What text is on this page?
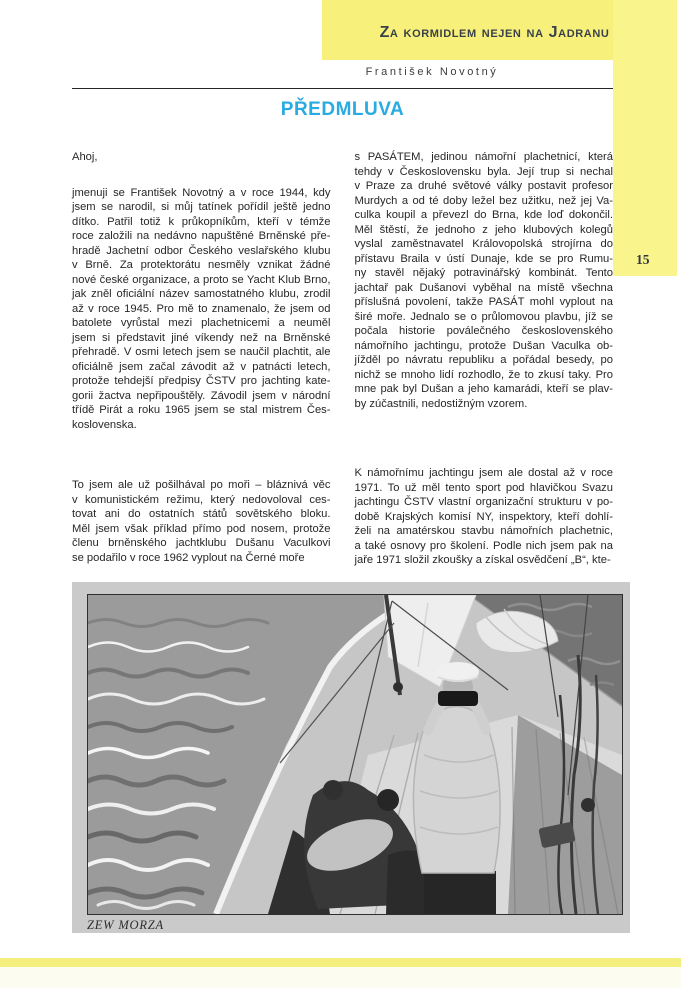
Za kormidlem nejen na Jadranu
František Novotný
PŘEDMLUVA
15
Ahoj,
jmenuji se František Novotný a v roce 1944, kdy
jsem se narodil, si můj tatínek pořídil ještě jedno
dítko. Patřil totiž k průkopníkům, kteří v témže
roce založili na nedávno napuštěné Brněnské pře-
hradě Jachetní odbor Českého veslařského klubu
v Brně. Za protektorátu nesměly vznikat žádné
nové české organizace, a proto se Yacht Klub Brno,
jak zněl oficiální název samostatného klubu, zrodil
až v roce 1945. Pro mě to znamenalo, že jsem od
batolete vyrůstal mezi plachetnicemi a neuměl
jsem si představit jiné víkendy než na Brněnské
přehradě. V osmi letech jsem se naučil plachtit, ale
oficiálně jsem začal závodit až v patnácti letech,
protože tehdejší předpisy ČSTV pro jachting kate-
gorii žactva nepřipouštěly. Závodil jsem v národní
třídě Pirát a roku 1965 jsem se stal mistrem Čes-
koslovenska.
To jsem ale už pošilhával po moři – bláznivá věc
v komunistickém režimu, který nedovoloval ces-
tovat ani do ostatních států sovětského bloku.
Měl jsem však příklad přímo pod nosem, protože
členu brněnského jachtklubu Dušanu Vaculkovi
se podařilo v roce 1962 vyplout na Černé moře
s PASÁTEM, jedinou námořní plachetnicí, která
tehdy v Československu byla. Její trup si nechal
v Praze za druhé světové války postavit profesor
Murdych a od té doby ležel bez užitku, než jej Va-
culka koupil a převezl do Brna, kde loď dokončil.
Měl štěstí, že jednoho z jeho klubových kolegů
vyslal zaměstnavatel Královopolská strojírna do
přístavu Braila v ústí Dunaje, kde se pro Rumu-
ny stavěl nějaký potravinářský kombinát. Tento
jachtař pak Dušanovi vyběhal na místě všechna
příslušná povolení, takže PASÁT mohl vyplout na
širé moře. Jednalo se o průlomovou plavbu, jíž se
počala historie poválečného československého
námořního jachtingu, protože Dušan Vaculka ob-
jížděl po návratu republiku a pořádal besedy, po
nichž se mnoho lidí rozhodlo, že to zkusí taky. Pro
mne pak byl Dušan a jeho kamarádi, kteří se plav-
by zúčastnili, nedostižným vzorem.
K námořnímu jachtingu jsem ale dostal až v roce
1971. To už měl tento sport pod hlavičkou Svazu
jachtingu ČSTV vlastní organizační strukturu v po-
době Krajských komisí NY, inspektory, kteří dohlí-
želi na amatérskou stavbu námořních plachetnic,
a také osnovy pro školení. Podle nich jsem pak na
jaře 1971 složil zkoušky a získal osvědčení „B“, kte-
ZEW MORZA
